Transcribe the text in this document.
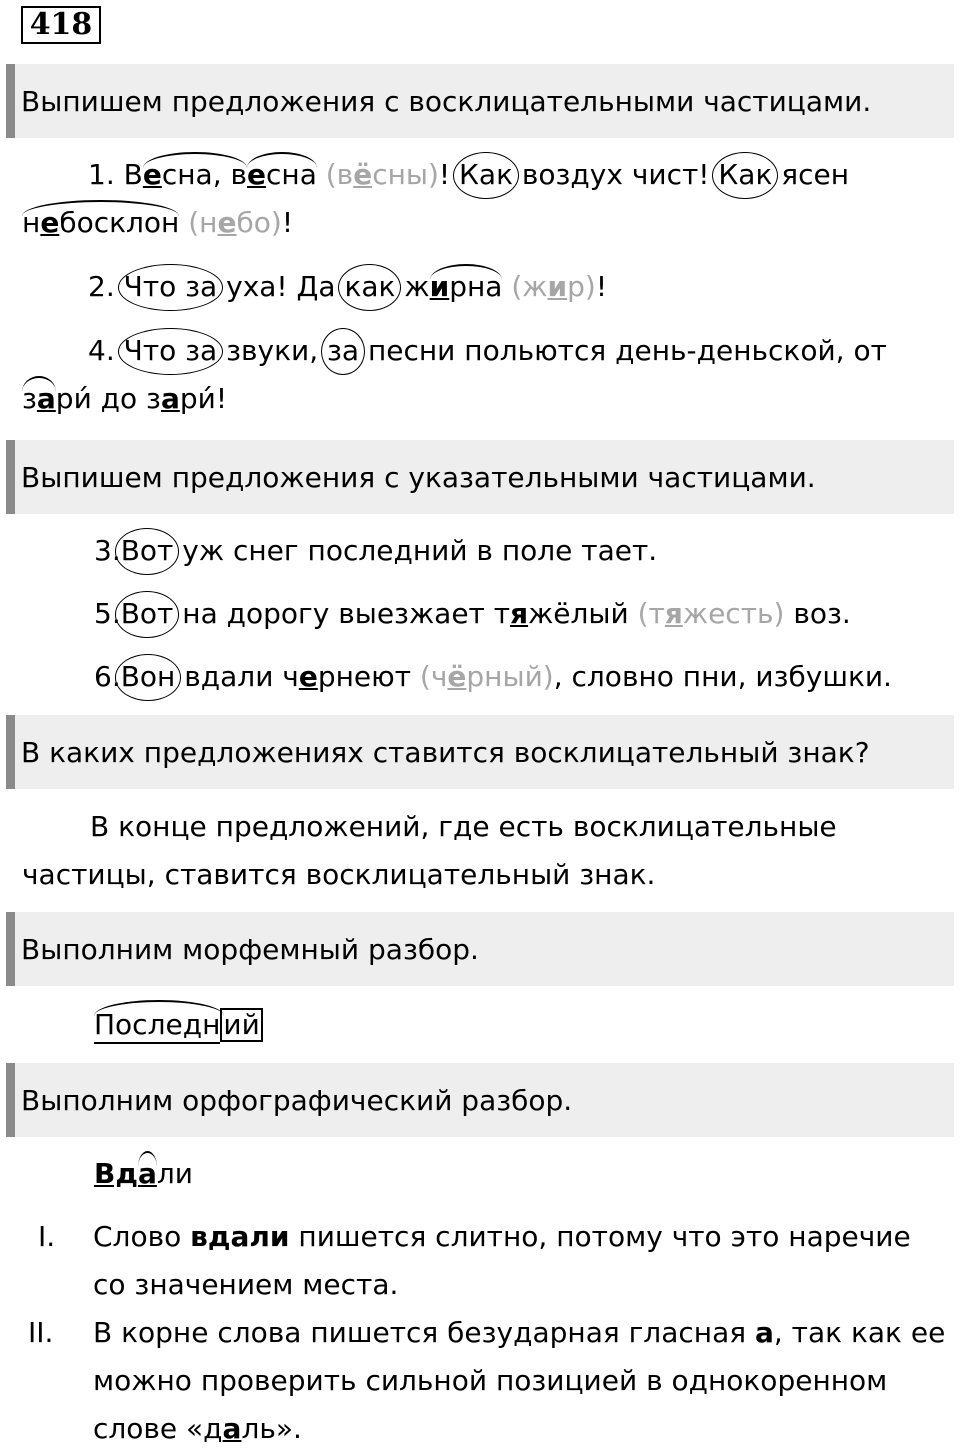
418
Выпишем предложения с восклицательными частицами.
1. Весна, весна (вёсны)! Как воздух чист! Как ясен
небосклон (небо)!
2. Что за уха! Да как жирна (жир)!
4. Что за звуки, за песни польются день-деньской, от
зари́ до зари́!
Выпишем предложения с указательными частицами.
3.Вот уж снег последний в поле тает.
5.Вот на дорогу выезжает тяжёлый (тяжесть) воз.
6.Вон вдали чернеют (чёрный), словно пни, избушки.
В каких предложениях ставится восклицательный знак?
В конце предложений, где есть восклицательные
частицы, ставится восклицательный знак.
Выполним морфемный разбор.
Последн ий
Выполним орфографический разбор.
Вдали
I. Слово вдали пишется слитно, потому что это наречие
со значением места.
II. В корне слова пишется безударная гласная а, так как ее
можно проверить сильной позицией в однокоренном
слове «даль».
